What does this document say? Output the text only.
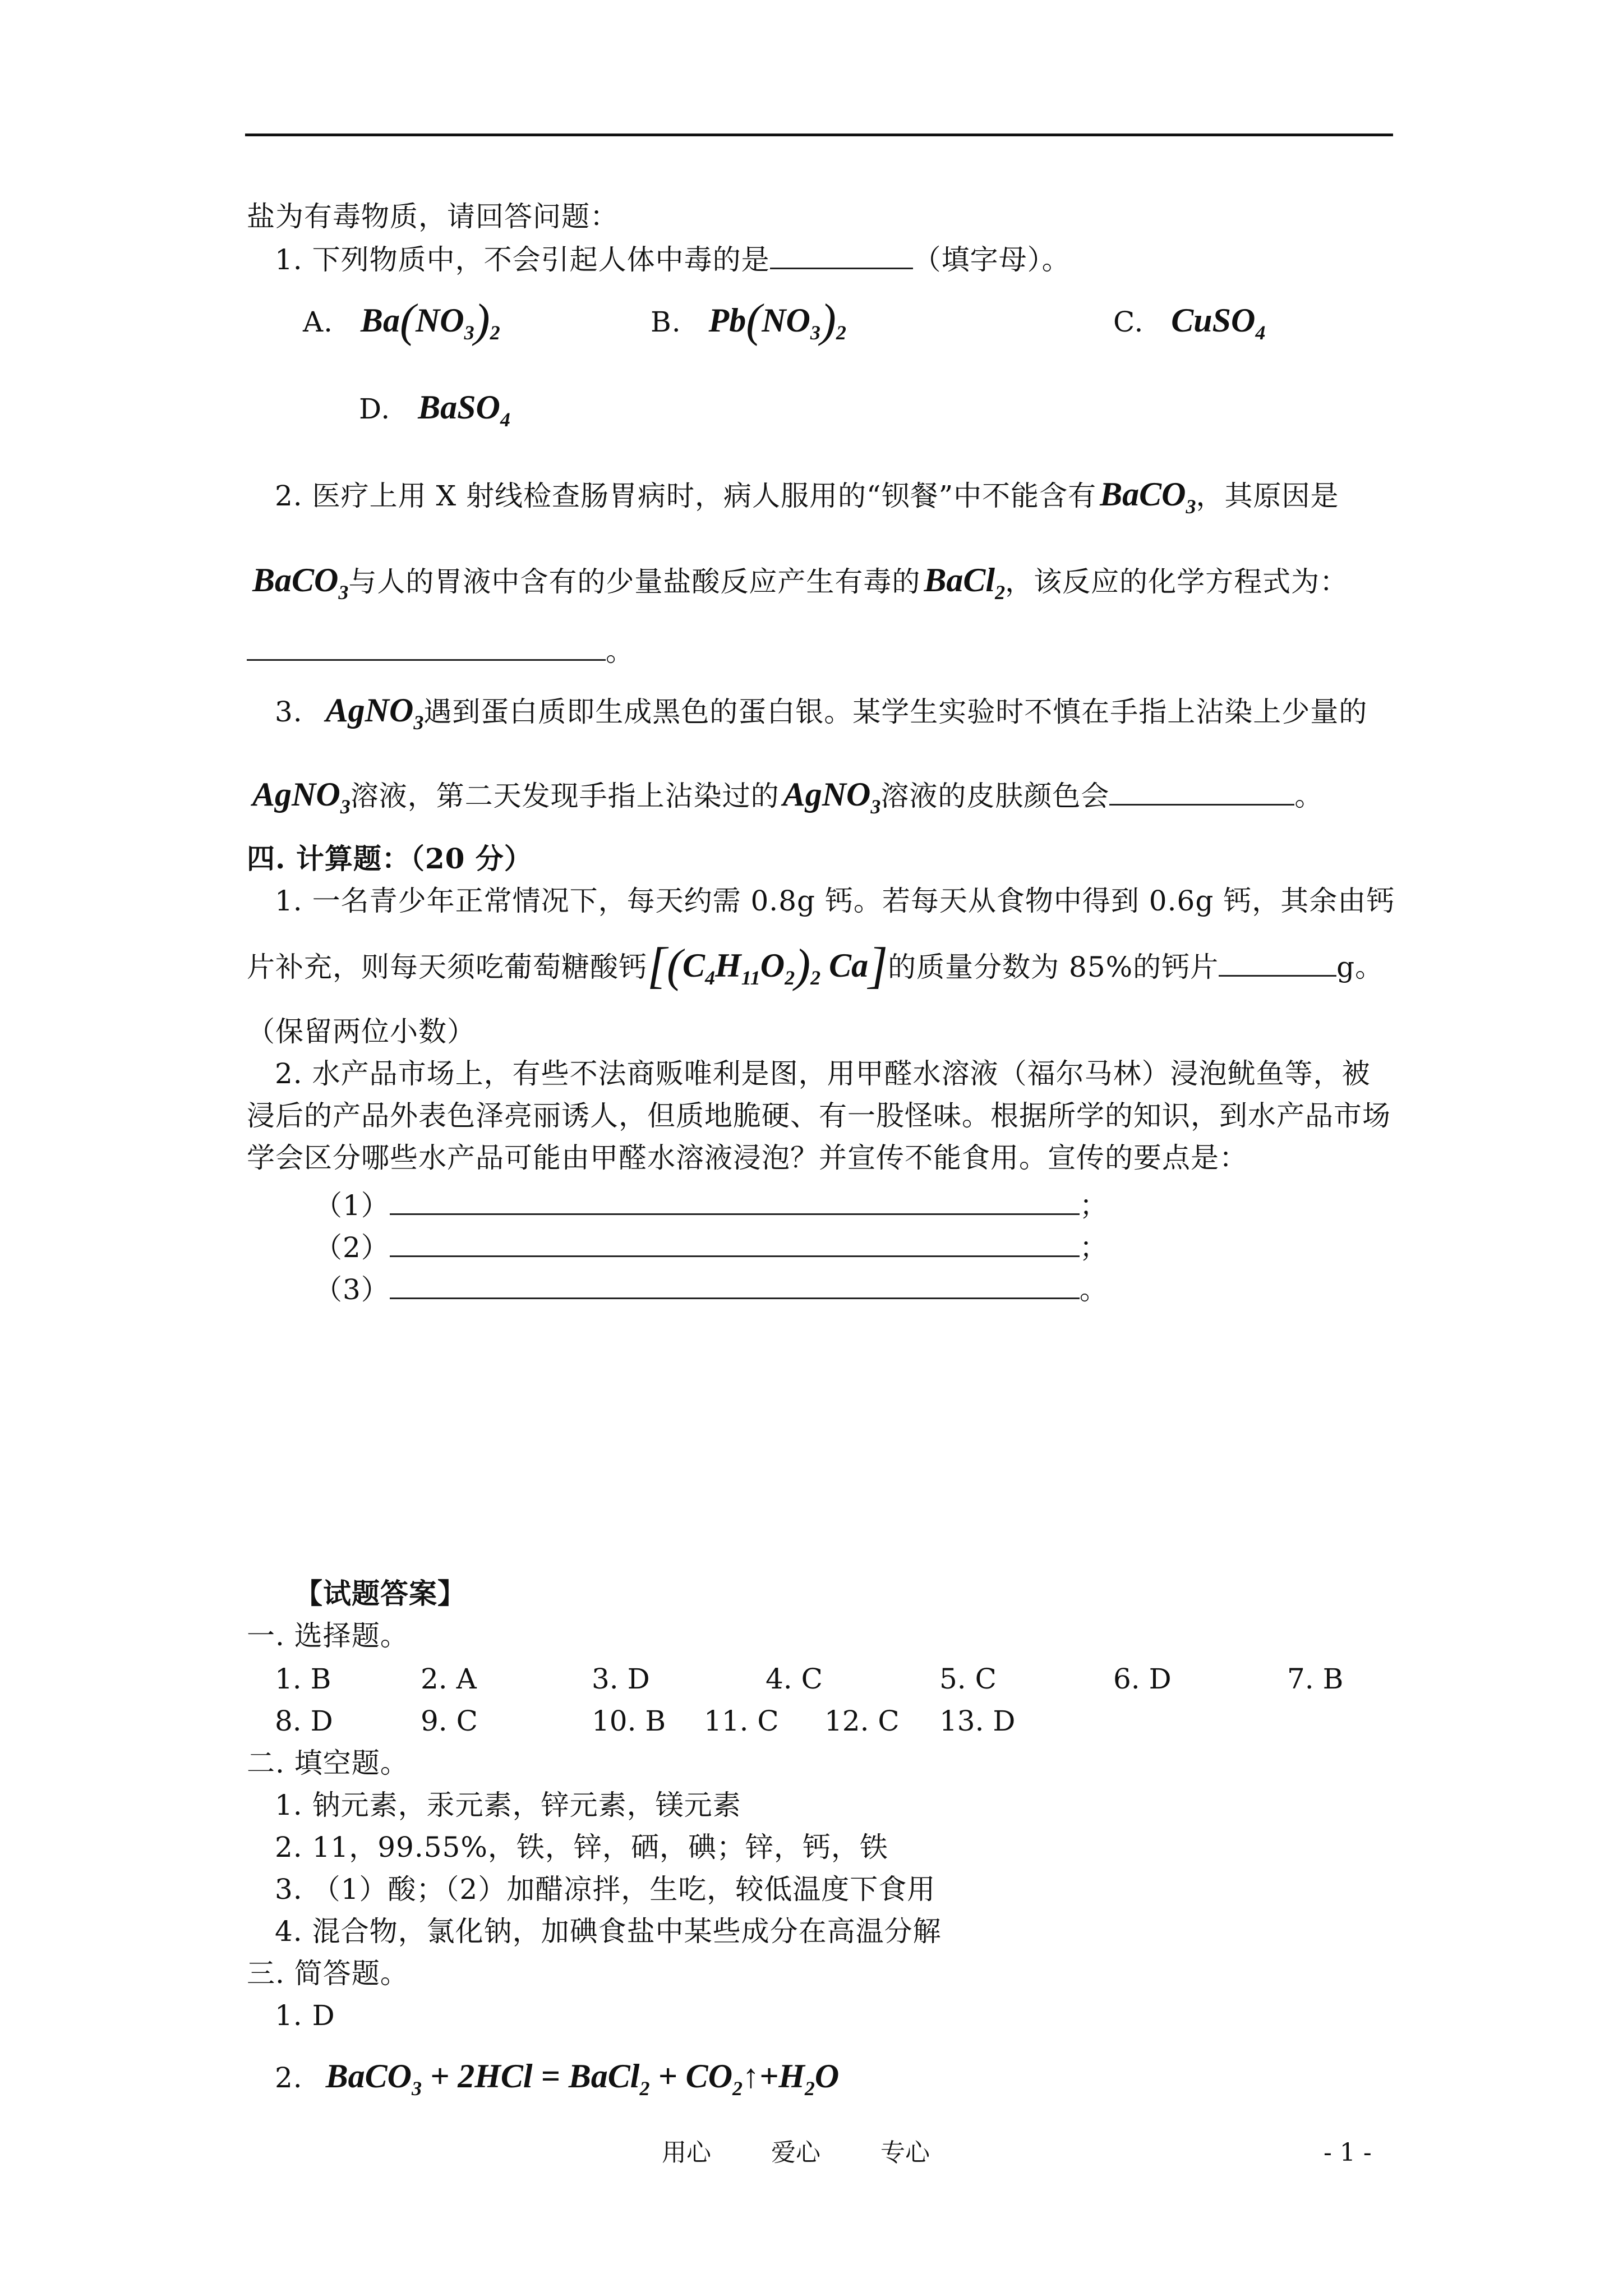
盐为有毒物质，请回答问题：
1. 下列物质中，不会引起人体中毒的是	（填字母）。
A. $Ba(NO_3)_2$	B. $Pb(NO_3)_2$	C. CuSO$_4$
D. BaSO$_4$
2. 医疗上用 X 射线检查肠胃病时，病人服用的“钡餐”中不能含有 BaCO$_3$，其原因是
BaCO$_3$与人的胃液中含有的少量盐酸反应产生有毒的 BaCl$_2$，该反应的化学方程式为：
。
3. AgNO$_3$遇到蛋白质即生成黑色的蛋白银。某学生实验时不慎在手指上沾染上少量的
AgNO$_3$溶液，第二天发现手指上沾染过的 AgNO$_3$溶液的皮肤颜色会	。
四. 计算题：（20 分）
1. 一名青少年正常情况下，每天约需 0.8g 钙。若每天从食物中得到 0.6g 钙，其余由钙
片补充，则每天须吃葡萄糖酸钙[$(C_4H_{11}O_2)_2$ Ca]的质量分数为 85%的钙片	g。
（保留两位小数）
2. 水产品市场上，有些不法商贩唯利是图，用甲醛水溶液（福尔马林）浸泡鱿鱼等，被
浸后的产品外表色泽亮丽诱人，但质地脆硬、有一股怪味。根据所学的知识，到水产品市场
学会区分哪些水产品可能由甲醛水溶液浸泡？并宣传不能食用。宣传的要点是：
（1）	；
（2）	；
（3）	。
【试题答案】
一. 选择题。
1. B	2. A	3. D	4. C	5. C	6. D	7. B
8. D	9. C	10. B 11. C 12. C 13. D
二. 填空题。
1. 钠元素，汞元素，锌元素，镁元素
2. 11，99.55%，铁，锌，硒，碘；锌，钙，铁
3. （1）酸；（2）加醋凉拌，生吃，较低温度下食用
4. 混合物，氯化钠，加碘食盐中某些成分在高温分解
三. 简答题。
1. D
2. BaCO$_3$ + 2HCl = BaCl$_2$ + $CO_2↑+H_2O$
用心 爱心 专心	- 1 -
